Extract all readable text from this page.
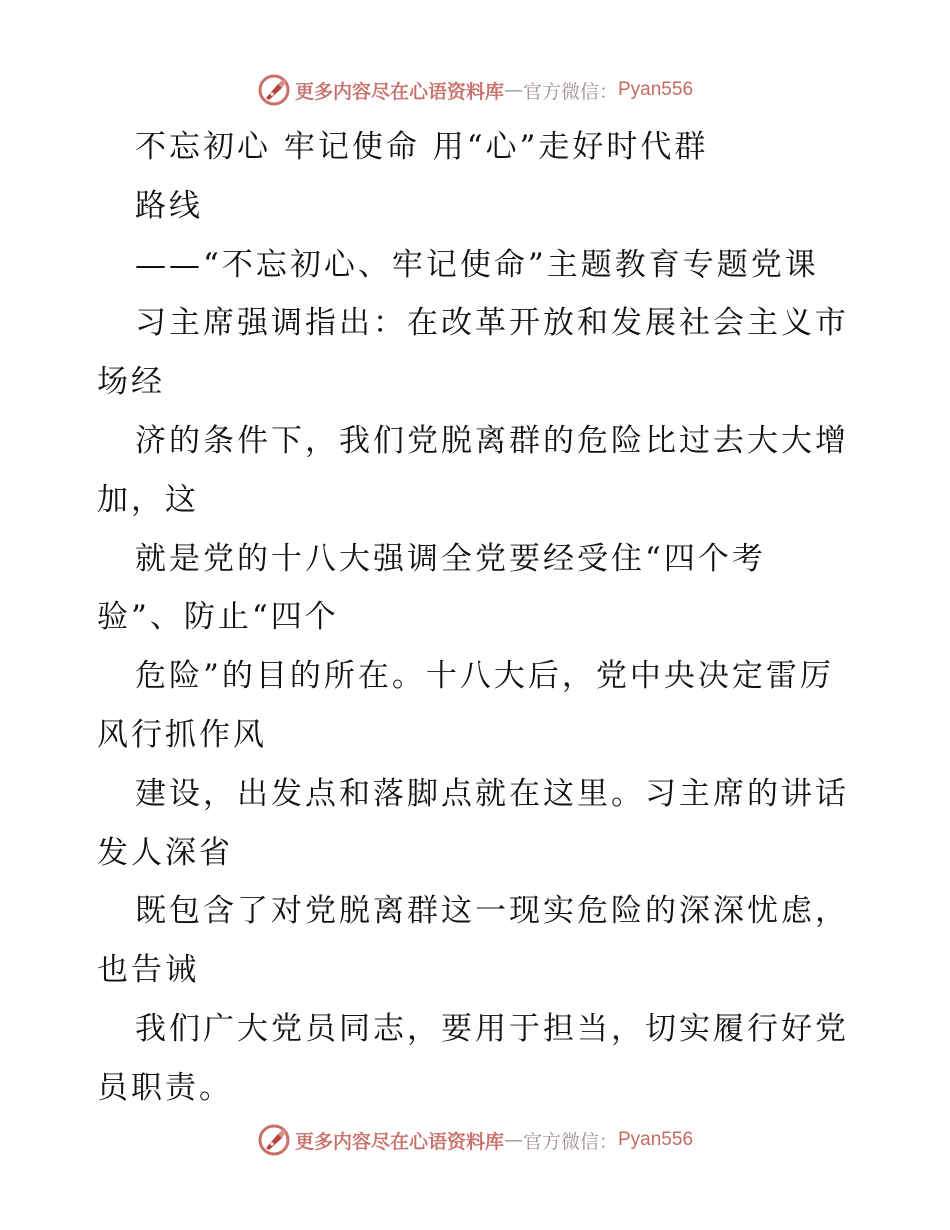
更多内容尽在心语资料库 — 官方微信： Pyan556
不忘初心 牢记使命 用“心”走好时代群
路线
——“不忘初心、牢记使命”主题教育专题党课
习主席强调指出：在改革开放和发展社会主义市
场经
济的条件下，我们党脱离群的危险比过去大大增
加，这
就是党的十八大强调全党要经受住“四个考
验”、防止“四个
危险”的目的所在。十八大后，党中央决定雷厉
风行抓作风
建设，出发点和落脚点就在这里。习主席的讲话
发人深省
既包含了对党脱离群这一现实危险的深深忧虑，
也告诫
我们广大党员同志，要用于担当，切实履行好党
员职责。
更多内容尽在心语资料库 — 官方微信： Pyan556
